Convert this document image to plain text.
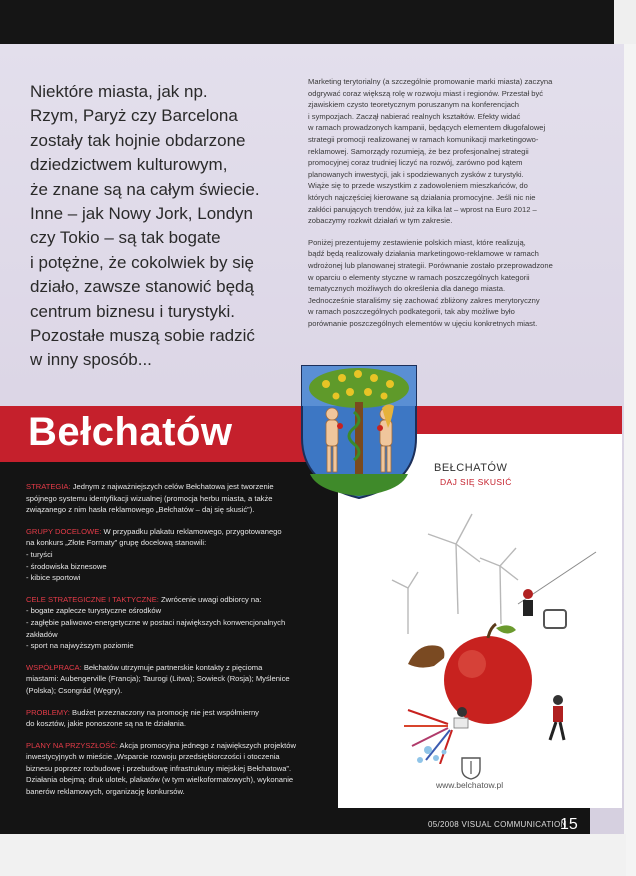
Niektóre miasta, jak np.
Rzym, Paryż czy Barcelona
zostały tak hojnie obdarzone
dziedzictwem kulturowym,
że znane są na całym świecie.
Inne – jak Nowy Jork, Londyn
czy Tokio – są tak bogate
i potężne, że cokolwiek by się
działo, zawsze stanowić będą
centrum biznesu i turystyki.
Pozostałe muszą sobie radzić
w inny sposób...
Marketing terytorialny (a szczególnie promowanie marki miasta) zaczyna
odgrywać coraz większą rolę w rozwoju miast i regionów. Przestał być
zjawiskiem czysto teoretycznym poruszanym na konferencjach
i sympozjach. Zaczął nabierać realnych kształtów. Efekty widać
w ramach prowadzonych kampanii, będących elementem długofalowej
strategii promocji realizowanej w ramach komunikacji marketingowo-
reklamowej. Samorządy rozumieją, że bez profesjonalnej strategii
promocyjnej coraz trudniej liczyć na rozwój, zarówno pod kątem
planowanych inwestycji, jak i spodziewanych zysków z turystyki.
Wiąże się to przede wszystkim z zadowoleniem mieszkańców, do
których najczęściej kierowane są działania promocyjne. Jeśli nic nie
zakłóci panujących trendów, już za kilka lat – wprost na Euro 2012 –
zobaczymy rozkwit działań w tym zakresie.
Poniżej prezentujemy zestawienie polskich miast, które realizują,
bądź będą realizowały działania marketingowo-reklamowe w ramach
wdrożonej lub planowanej strategii. Porównanie zostało przeprowadzone
w oparciu o elementy styczne w ramach poszczególnych kategorii
tematycznych możliwych do określenia dla danego miasta.
Jednocześnie staraliśmy się zachować zbliżony zakres merytoryczny
w ramach poszczególnych podkategorii, tak aby możliwe było
porównanie poszczególnych elementów w ujęciu konkretnych miast.
Bełchatów
STRATEGIA: Jednym z najważniejszych celów Bełchatowa jest tworzenie
spójnego systemu identyfikacji wizualnej (promocja herbu miasta, a także
związanego z nim hasła reklamowego „Bełchatów – daj się skusić”).
GRUPY DOCELOWE: W przypadku plakatu reklamowego, przygotowanego
na konkurs „Złote Formaty” grupę docelową stanowili:
- turyści
- środowiska biznesowe
- kibice sportowi
CELE STRATEGICZNE I TAKTYCZNE: Zwrócenie uwagi odbiorcy na:
- bogate zaplecze turystyczne ośrodków
- zagłębie paliwowo-energetyczne w postaci największych konwencjonalnych
zakładów
- sport na najwyższym poziomie
WSPÓŁPRACA: Bełchatów utrzymuje partnerskie kontakty z pięcioma
miastami: Aubengerville (Francja); Taurogi (Litwa); Sowieck (Rosja); Myślenice
(Polska); Csongrád (Węgry).
PROBLEMY: Budżet przeznaczony na promocję nie jest współmierny
do kosztów, jakie ponoszone są na te działania.
PLANY NA PRZYSZŁOŚĆ: Akcja promocyjna jednego z największych projektów
inwestycyjnych w mieście „Wsparcie rozwoju przedsiębiorczości i otoczenia
biznesu poprzez rozbudowę i przebudowę infrastruktury miejskiej Bełchatowa”.
Działania obejmą: druk ulotek, plakatów (w tym wielkoformatowych), wykonanie
banerów reklamowych, organizację konkursów.
BEŁCHATÓW
DAJ SIĘ SKUSIĆ
www.belchatow.pl
05/2008 VISUAL COMMUNICATION
15
